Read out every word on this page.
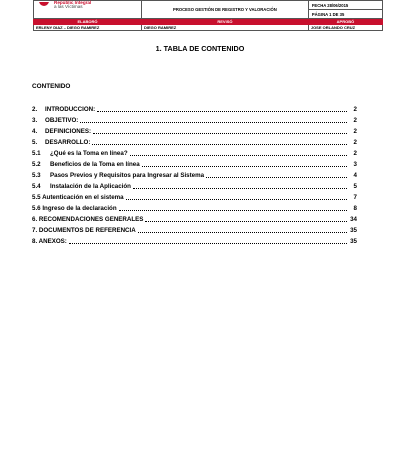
Repúblic Integral
a las Víctimas	PROCESO GESTIÓN DE REGISTRO Y VALORACIÓN	FECHA 28/06/2015
		PÁGINA 1 DE 35
ELABORÓ	REVISÓ	APROBÓ
ERLENY DIAZ – DIEGO RAMIREZ	DIEGO RAMIREZ	JOSE ORLANDO CRUZ
1. TABLA DE CONTENIDO
CONTENIDO
2.	INTRODUCCION:	2
3.	OBJETIVO:	2
4.	DEFINICIONES:	2
5.	DESARROLLO:	2
5.1	¿Qué es la Toma en línea?	2
5.2	Beneficios de la Toma en línea	3
5.3	Pasos Previos y Requisitos para Ingresar al Sistema	4
5.4	Instalación de la Aplicación	5
5.5 Autenticación en el sistema	7
5.6 Ingreso de la declaración	8
6. RECOMENDACIONES GENERALES	34
7. DOCUMENTOS DE REFERENCIA	35
8. ANEXOS:	35
